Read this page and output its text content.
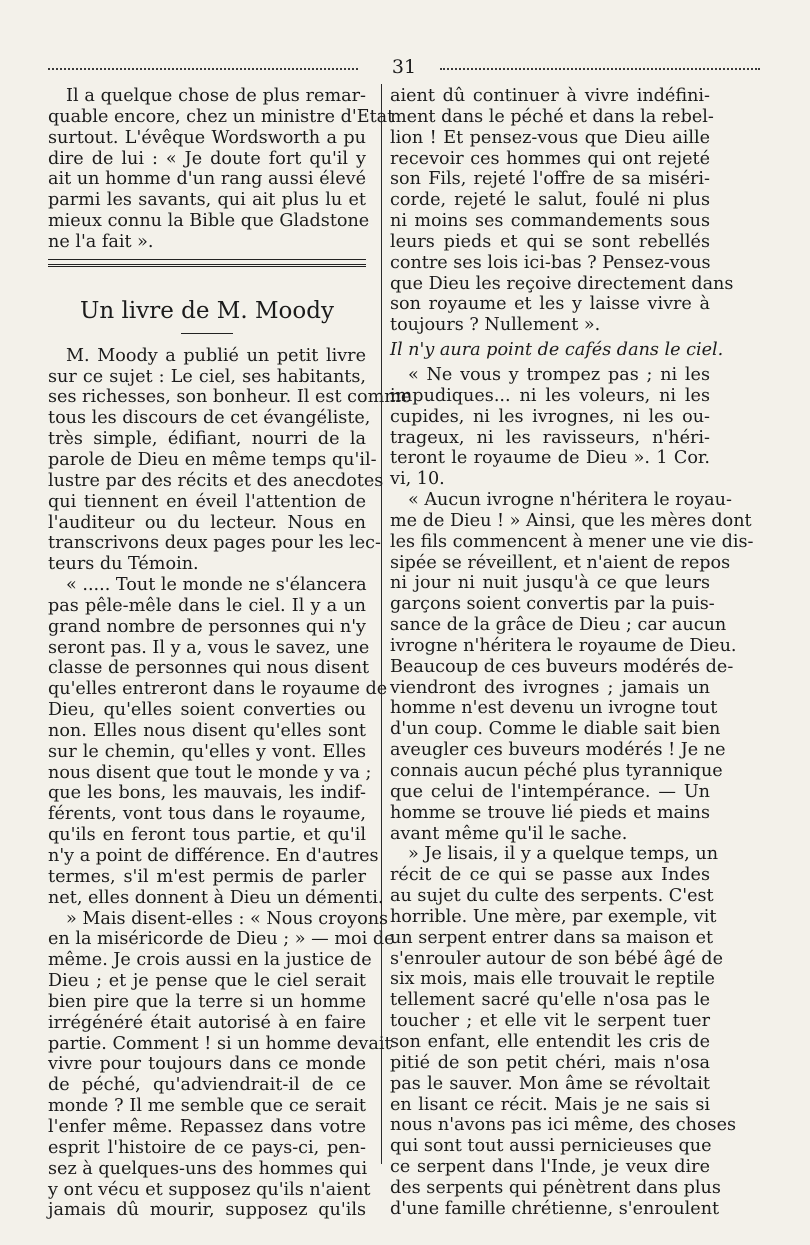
31
Il a quelque chose de plus remar-
quable encore, chez un ministre d'Etat
surtout. L'évêque Wordsworth a pu
dire de lui : « Je doute fort qu'il y
ait un homme d'un rang aussi élevé
parmi les savants, qui ait plus lu et
mieux connu la Bible que Gladstone
ne l'a fait ».
Un livre de M. Moody
M. Moody a publié un petit livre
sur ce sujet : Le ciel, ses habitants,
ses richesses, son bonheur. Il est comme
tous les discours de cet évangéliste,
très simple, édifiant, nourri de la
parole de Dieu en même temps qu'il-
lustre par des récits et des anecdotes
qui tiennent en éveil l'attention de
l'auditeur ou du lecteur. Nous en
transcrivons deux pages pour les lec-
teurs du Témoin.
« ..... Tout le monde ne s'élancera
pas pêle-mêle dans le ciel. Il y a un
grand nombre de personnes qui n'y
seront pas. Il y a, vous le savez, une
classe de personnes qui nous disent
qu'elles entreront dans le royaume de
Dieu, qu'elles soient converties ou
non. Elles nous disent qu'elles sont
sur le chemin, qu'elles y vont. Elles
nous disent que tout le monde y va ;
que les bons, les mauvais, les indif-
férents, vont tous dans le royaume,
qu'ils en feront tous partie, et qu'il
n'y a point de différence. En d'autres
termes, s'il m'est permis de parler
net, elles donnent à Dieu un démenti.
» Mais disent-elles : « Nous croyons
en la miséricorde de Dieu ; » — moi de
même. Je crois aussi en la justice de
Dieu ; et je pense que le ciel serait
bien pire que la terre si un homme
irrégénéré était autorisé à en faire
partie. Comment ! si un homme devait
vivre pour toujours dans ce monde
de péché, qu'adviendrait-il de ce
monde ? Il me semble que ce serait
l'enfer même. Repassez dans votre
esprit l'histoire de ce pays-ci, pen-
sez à quelques-uns des hommes qui
y ont vécu et supposez qu'ils n'aient
jamais dû mourir, supposez qu'ils
aient dû continuer à vivre indéfini-
ment dans le péché et dans la rebel-
lion ! Et pensez-vous que Dieu aille
recevoir ces hommes qui ont rejeté
son Fils, rejeté l'offre de sa miséri-
corde, rejeté le salut, foulé ni plus
ni moins ses commandements sous
leurs pieds et qui se sont rebellés
contre ses lois ici-bas ? Pensez-vous
que Dieu les reçoive directement dans
son royaume et les y laisse vivre à
toujours ? Nullement ».
Il n'y aura point de cafés dans le ciel.
« Ne vous y trompez pas ; ni les
impudiques... ni les voleurs, ni les
cupides, ni les ivrognes, ni les ou-
trageux, ni les ravisseurs, n'héri-
teront le royaume de Dieu ». 1 Cor.
vi, 10.
« Aucun ivrogne n'héritera le royau-
me de Dieu ! » Ainsi, que les mères dont
les fils commencent à mener une vie dis-
sipée se réveillent, et n'aient de repos
ni jour ni nuit jusqu'à ce que leurs
garçons soient convertis par la puis-
sance de la grâce de Dieu ; car aucun
ivrogne n'héritera le royaume de Dieu.
Beaucoup de ces buveurs modérés de-
viendront des ivrognes ; jamais un
homme n'est devenu un ivrogne tout
d'un coup. Comme le diable sait bien
aveugler ces buveurs modérés ! Je ne
connais aucun péché plus tyrannique
que celui de l'intempérance. — Un
homme se trouve lié pieds et mains
avant même qu'il le sache.
» Je lisais, il y a quelque temps, un
récit de ce qui se passe aux Indes
au sujet du culte des serpents. C'est
horrible. Une mère, par exemple, vit
un serpent entrer dans sa maison et
s'enrouler autour de son bébé âgé de
six mois, mais elle trouvait le reptile
tellement sacré qu'elle n'osa pas le
toucher ; et elle vit le serpent tuer
son enfant, elle entendit les cris de
pitié de son petit chéri, mais n'osa
pas le sauver. Mon âme se révoltait
en lisant ce récit. Mais je ne sais si
nous n'avons pas ici même, des choses
qui sont tout aussi pernicieuses que
ce serpent dans l'Inde, je veux dire
des serpents qui pénètrent dans plus
d'une famille chrétienne, s'enroulent
